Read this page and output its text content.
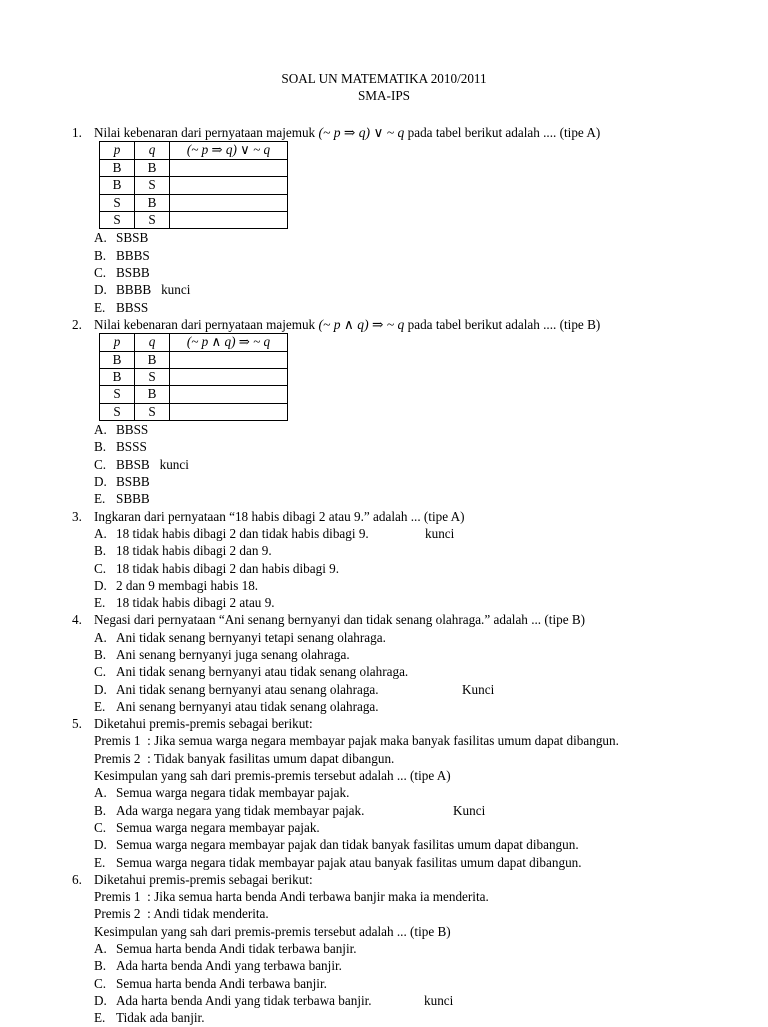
SOAL UN MATEMATIKA 2010/2011
SMA-IPS
1. Nilai kebenaran dari pernyataan majemuk (~ p ⇒ q) ∨ ~ q pada tabel berikut adalah .... (tipe A)
p	q	(~ p ⇒ q) ∨ ~ q
B	B	
B	S	
S	B	
S	S	
A. SBSB
B. BBBS
C. BSBB
D. BBBB   kunci
E. BBSS
2. Nilai kebenaran dari pernyataan majemuk (~ p ∧ q) ⇒ ~ q pada tabel berikut adalah .... (tipe B)
p	q	(~ p ∧ q) ⇒ ~ q
B	B	
B	S	
S	B	
S	S	
A. BBSS
B. BSSS
C. BBSB   kunci
D. BSBB
E. SBBB
3. Ingkaran dari pernyataan “18 habis dibagi 2 atau 9.” adalah ... (tipe A)
A. 18 tidak habis dibagi 2 dan tidak habis dibagi 9.	kunci
B. 18 tidak habis dibagi 2 dan 9.
C. 18 tidak habis dibagi 2 dan habis dibagi 9.
D. 2 dan 9 membagi habis 18.
E. 18 tidak habis dibagi 2 atau 9.
4. Negasi dari pernyataan “Ani senang bernyanyi dan tidak senang olahraga.” adalah ... (tipe B)
A. Ani tidak senang bernyanyi tetapi senang olahraga.
B. Ani senang bernyanyi juga senang olahraga.
C. Ani tidak senang bernyanyi atau tidak senang olahraga.
D. Ani tidak senang bernyanyi atau senang olahraga.	Kunci
E. Ani senang bernyanyi atau tidak senang olahraga.
5. Diketahui premis-premis sebagai berikut:
Premis 1  : Jika semua warga negara membayar pajak maka banyak fasilitas umum dapat dibangun.
Premis 2  : Tidak banyak fasilitas umum dapat dibangun.
Kesimpulan yang sah dari premis-premis tersebut adalah ... (tipe A)
A. Semua warga negara tidak membayar pajak.
B. Ada warga negara yang tidak membayar pajak.	Kunci
C. Semua warga negara membayar pajak.
D. Semua warga negara membayar pajak dan tidak banyak fasilitas umum dapat dibangun.
E. Semua warga negara tidak membayar pajak atau banyak fasilitas umum dapat dibangun.
6. Diketahui premis-premis sebagai berikut:
Premis 1  : Jika semua harta benda Andi terbawa banjir maka ia menderita.
Premis 2  : Andi tidak menderita.
Kesimpulan yang sah dari premis-premis tersebut adalah ... (tipe B)
A. Semua harta benda Andi tidak terbawa banjir.
B. Ada harta benda Andi yang terbawa banjir.
C. Semua harta benda Andi terbawa banjir.
D. Ada harta benda Andi yang tidak terbawa banjir.	kunci
E. Tidak ada banjir.
